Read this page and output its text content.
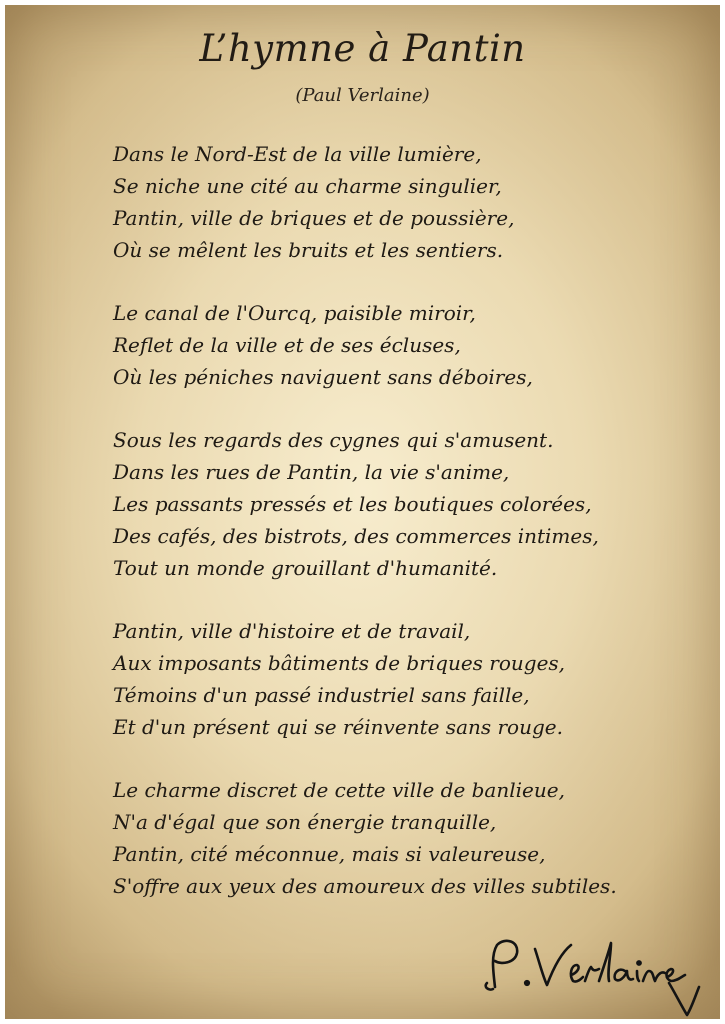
L’hymne à Pantin
(Paul Verlaine)
Dans le Nord-Est de la ville lumière,
Se niche une cité au charme singulier,
Pantin, ville de briques et de poussière,
Où se mêlent les bruits et les sentiers.
Le canal de l'Ourcq, paisible miroir,
Reflet de la ville et de ses écluses,
Où les péniches naviguent sans déboires,
Sous les regards des cygnes qui s'amusent.
Dans les rues de Pantin, la vie s'anime,
Les passants pressés et les boutiques colorées,
Des cafés, des bistrots, des commerces intimes,
Tout un monde grouillant d'humanité.
Pantin, ville d'histoire et de travail,
Aux imposants bâtiments de briques rouges,
Témoins d'un passé industriel sans faille,
Et d'un présent qui se réinvente sans rouge.
Le charme discret de cette ville de banlieue,
N'a d'égal que son énergie tranquille,
Pantin, cité méconnue, mais si valeureuse,
S'offre aux yeux des amoureux des villes subtiles.
